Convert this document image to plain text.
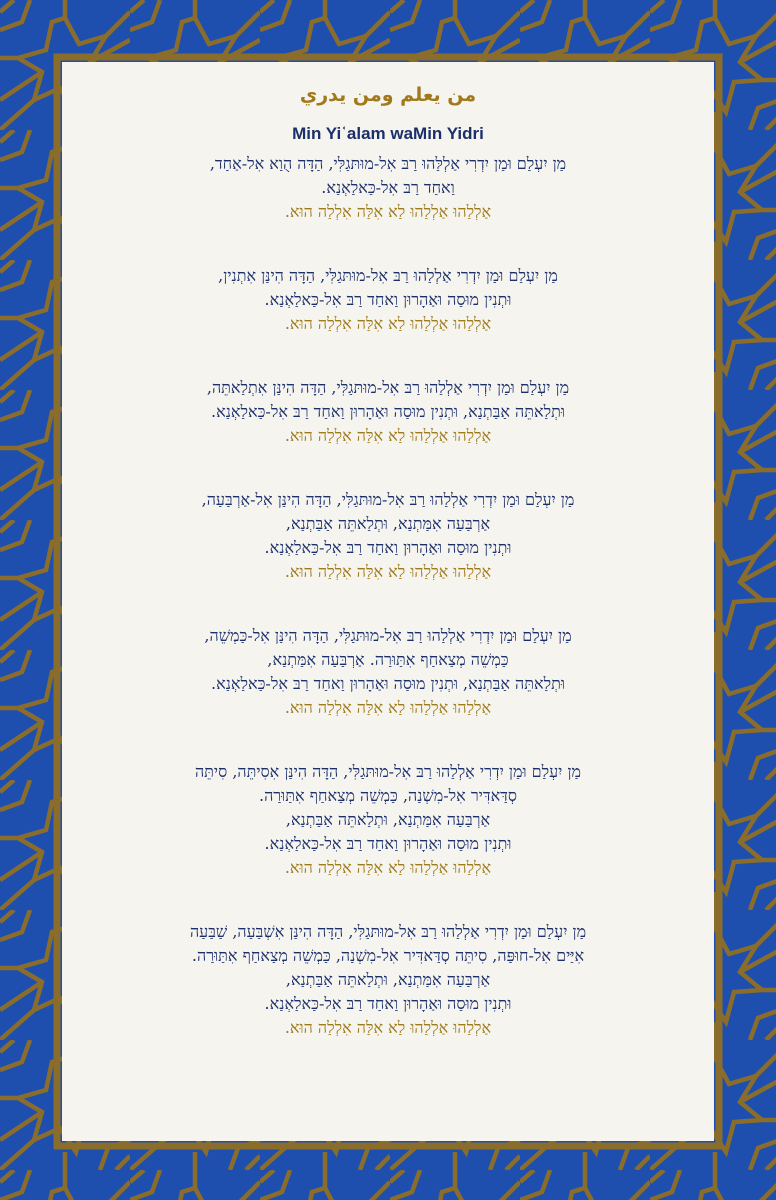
من يعلم ومن يدري
Min Yiʿalam waMin Yidri
מַן יִעְלַם וּמַן יִדְרִי אַלְלַּהוּ רַבּ אִל-מוּתּגַלִּי, הַדָּה הֻוַא אִל-אַחַד,
וַאחַד רַבּ אִל-כַּאלַאְנַא.
אַלְלַהוּ אַלְלַהוּ לַא אִלַּה אִלְלַה הוּא.
מַן יִעְלַם וּמַן יִדְרִי אַלְלַהוּ רַבּ אִל-מוּתּגַלִּי, הַדָּה הִינַּן אִתְנִין,
וּתְנִין מוּסַה וּאַהָרוּן וַאחַד רַבּ אִל-כַּאלַאְנַא.
אַלְלַהוּ אַלְלַהוּ לַא אִלַּה אִלְלַה הוּא.
מַן יִעְלַם וּמַן יִדְרִי אַלְלַהוּ רַבּ אִל-מוּתּגַלִּי, הַדָּה הִינַּן אִתְלַאתֵּה,
וּתְלַאתֵּה אַבַּתְנַא, וּתְנִין מוּסַה וּאַהָרוּן וַאחַד רַבּ אִל-כַּאלַאְנַא.
אַלְלַהוּ אַלְלַהוּ לַא אִלַּה אִלְלַה הוּא.
מַן יִעְלַם וּמַן יִדְרִי אַלְלַהוּ רַבּ אִל-מוּתּגַלִּי, הַדָּה הִינַּן אִל-אַרְבַּעַה,
אַרְבַּעַה אִמַּתְנַא, וּתְלַאתֵּה אַבַּתְנַא,
וּתְנִין מוּסַה וּאַהָרוּן וַאחַד רַבּ אִל-כַּאלַאְנַא.
אַלְלַהוּ אַלְלַהוּ לַא אִלַּה אִלְלַה הוּא.
מַן יִעְלַם וּמַן יִדְרִי אַלְלַהוּ רַבּ אִל-מוּתּגַלִּי, הַדָּה הִינַּן אִל-כַּמְשֵׁה,
כַּמְשֵׁה מְצַאחַף אִתַּוּרַה. אַרְבַּעַה אִמַּתְנַא,
וּתְלַאתֵּה אַבַּתְנַא, וּתְנִין מוּסַה וּאַהָרוּן וַאחַד רַבּ אִל-כַּאלַאְנַא.
אַלְלַהוּ אַלְלַהוּ לַא אִלַּה אִלְלַה הוּא.
מַן יִעְלַם וּמַן יִדְרִי אַלְלַהוּ רַבּ אִל-מוּתּגַלִּי, הַדָּה הִינַּן אִסִיתֵּה, סִיתֵּה
סְדַּאדִּיר אִל-מִשְׁנַה, כַּמְשֵׁה מְצַאחַף אִתַּוּרַה.
אַרְבַּעַה אִמַּתְנַא, וּתְלַאתֵּה אַבַּתְנַא,
וּתְנִין מוּסַה וּאַהָרוּן וַאחַד רַבּ אִל-כַּאלַאְנַא.
אַלְלַהוּ אַלְלַהוּ לַא אִלַּה אִלְלַה הוּא.
מַן יִעְלַם וּמַן יִדְרִי אַלְלַהוּ רַבּ אִל-מוּתּגַלִּי, הַדָּה הִינַּן אִשְׁבַּעַה, שַׁבַּעַה
אִיַּים אִל-חוּפַּה, סִיתֵּה סְדַּאדִּיר אִל-מִשְׁנַה, כַּמְשֵׁה מְצַאחַף אִתַּוּרַה.
אַרְבַּעַה אִמַּתְנַא, וּתְלַאתֵּה אַבַּתְנַא,
וּתְנִין מוּסַה וּאַהָרוּן וַאחַד רַבּ אִל-כַּאלַאְנַא.
אַלְלַהוּ אַלְלַהוּ לַא אִלַּה אִלְלַה הוּא.
